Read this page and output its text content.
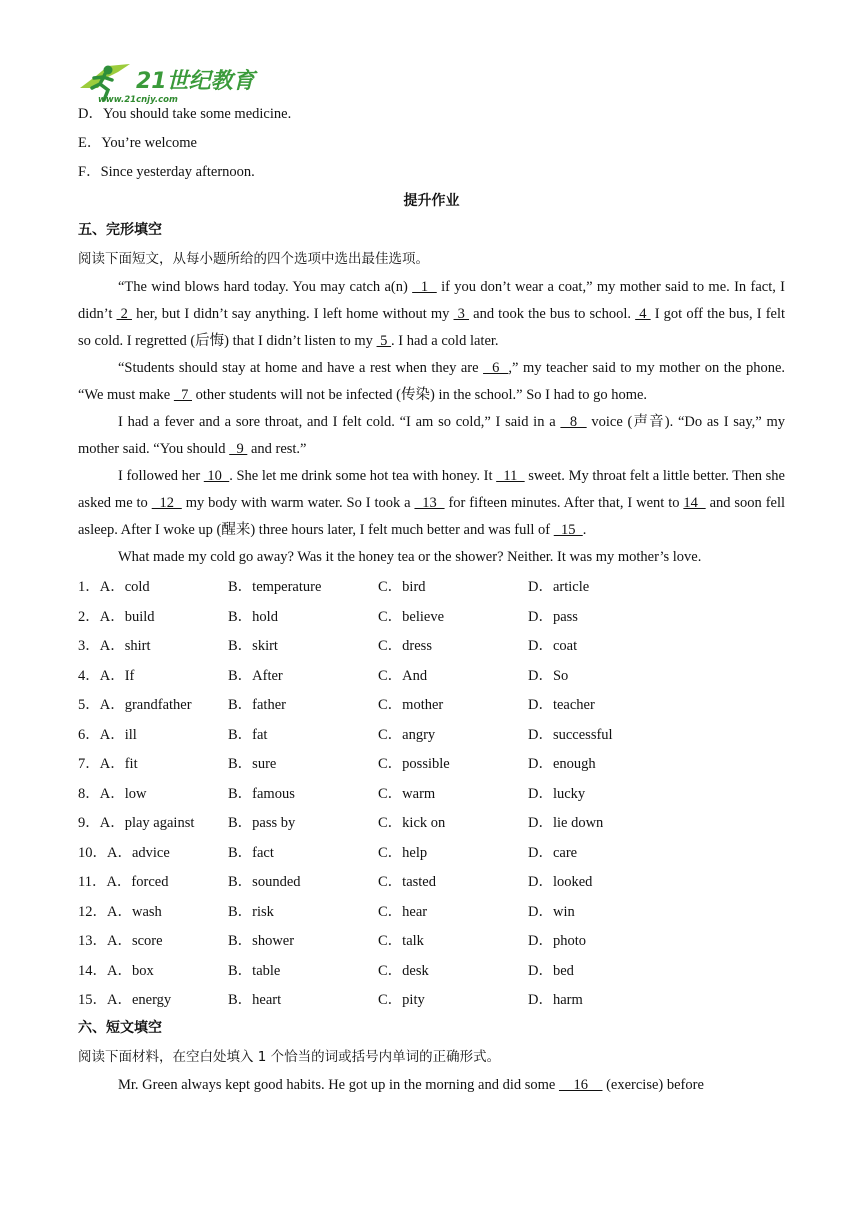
21世纪教育
www.21cnjy.com

D．You should take some medicine.

E．You’re welcome

F．Since yesterday afternoon.

提升作业

五、完形填空

阅读下面短文，从每小题所给的四个选项中选出最佳选项。

“The wind blows hard today. You may catch a(n)   1   if you don’t wear a coat,” my mother said to me. In fact, I didn’t  2  her, but I didn’t say anything. I left home without my  3  and took the bus to school.  4  I got off the bus, I felt so cold. I regretted (后悔) that I didn’t listen to my  5 . I had a cold later.

“Students should stay at home and have a rest when they are   6  ,” my teacher said to my mother on the phone. “We must make   7  other students will not be infected (传染) in the school.” So I had to go home.

I had a fever and a sore throat, and I felt cold. “I am so cold,” I said in a   8   voice (声音). “Do as I say,” my mother said. “You should   9  and rest.”

I followed her  10  . She let me drink some hot tea with honey. It   11   sweet. My throat felt a little better. Then she asked me to   12   my body with warm water. So I took a   13   for fifteen minutes. After that, I went to 14   and soon fell asleep. After I woke up (醒来) three hours later, I felt much better and was full of   15  .

What made my cold go away? Was it the honey tea or the shower? Neither. It was my mother’s love.

1．A．cold	B．temperature	C．bird	D．article
2．A．build	B．hold	C．believe	D．pass
3．A．shirt	B．skirt	C．dress	D．coat
4．A．If	B．After	C．And	D．So
5．A．grandfather	B．father	C．mother	D．teacher
6．A．ill	B．fat	C．angry	D．successful
7．A．fit	B．sure	C．possible	D．enough
8．A．low	B．famous	C．warm	D．lucky
9．A．play against	B．pass by	C．kick on	D．lie down
10．A．advice	B．fact	C．help	D．care
11．A．forced	B．sounded	C．tasted	D．looked
12．A．wash	B．risk	C．hear	D．win
13．A．score	B．shower	C．talk	D．photo
14．A．box	B．table	C．desk	D．bed
15．A．energy	B．heart	C．pity	D．harm

六、短文填空

阅读下面材料，在空白处填入 1 个恰当的词或括号内单词的正确形式。

Mr. Green always kept good habits. He got up in the morning and did some     16     (exercise) before
